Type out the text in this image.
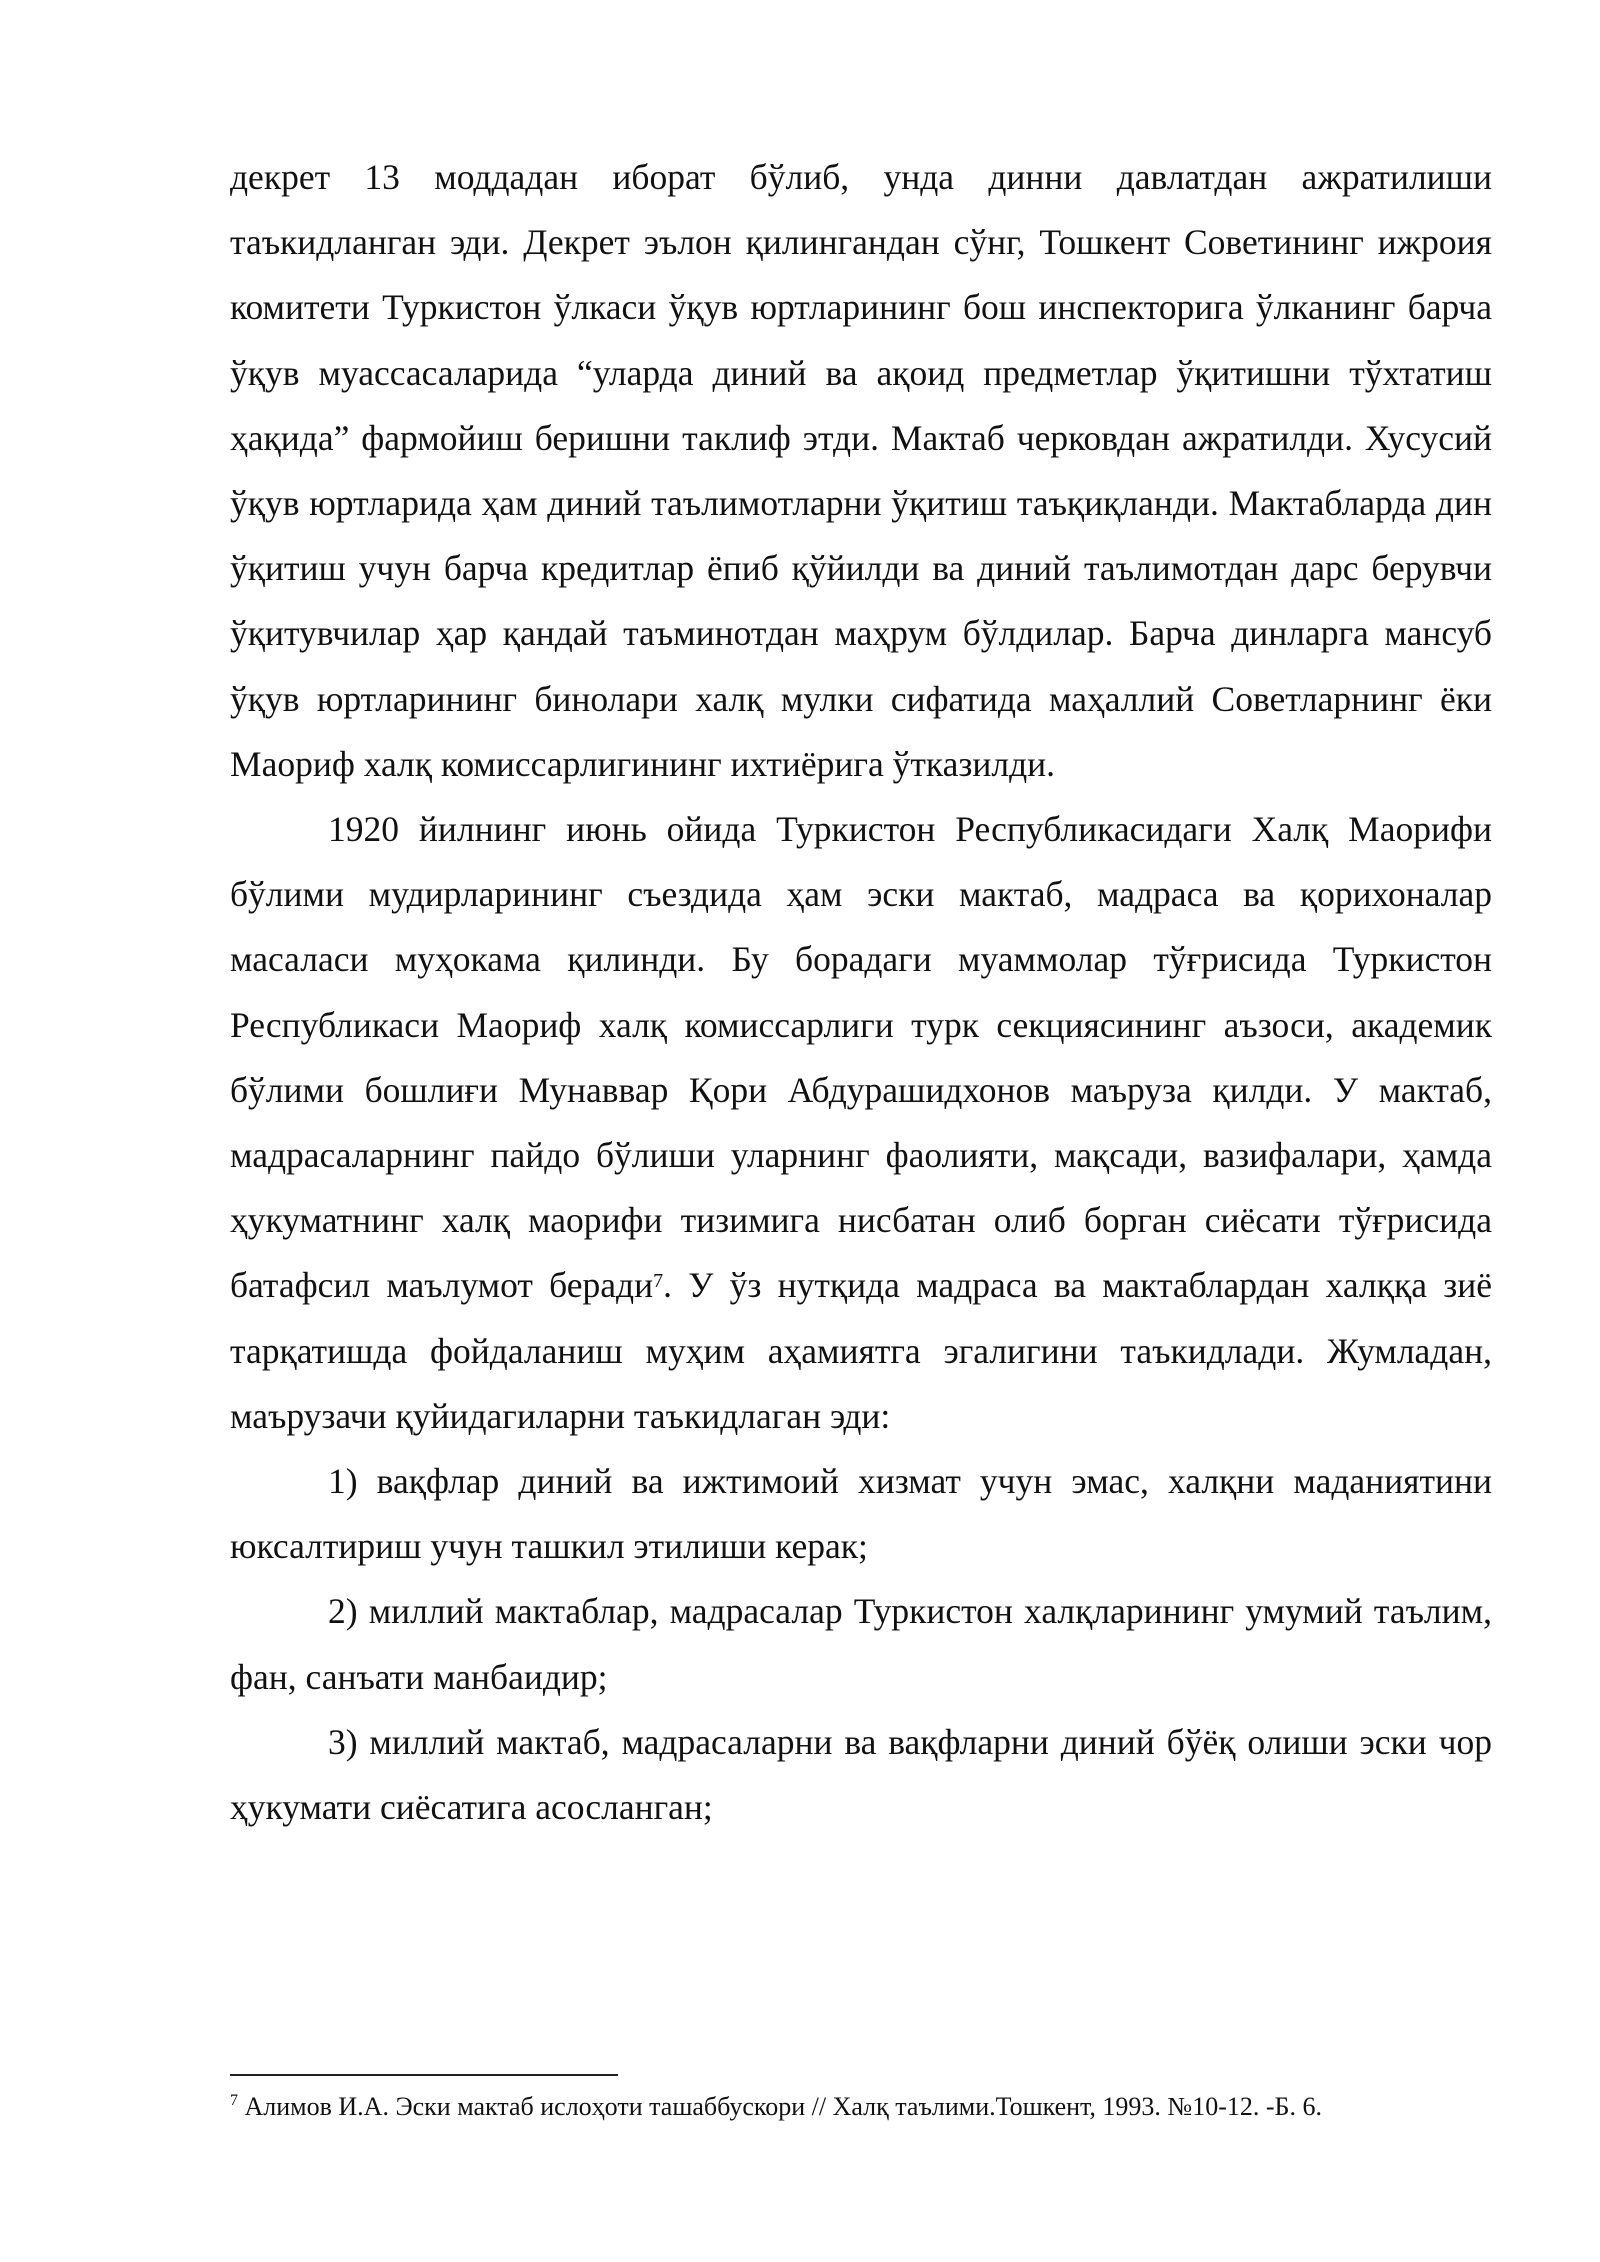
декрет 13 моддадан иборат бўлиб, унда динни давлатдан ажратилиши таъкидланган эди. Декрет эълон қилингандан сўнг, Тошкент Советининг ижроия комитети Туркистон ўлкаси ўқув юртларининг бош инспекторига ўлканинг барча ўқув муассасаларида “уларда диний ва ақоид предметлар ўқитишни тўхтатиш ҳақида” фармойиш беришни таклиф этди. Мактаб черковдан ажратилди. Хусусий ўқув юртларида ҳам диний таълимотларни ўқитиш таъқиқланди. Мактабларда дин ўқитиш учун барча кредитлар ёпиб қўйилди ва диний таълимотдан дарс берувчи ўқитувчилар ҳар қандай таъминотдан маҳрум бўлдилар. Барча динларга мансуб ўқув юртларининг бинолари халқ мулки сифатида маҳаллий Советларнинг ёки Маориф халқ комиссарлигининг ихтиёрига ўтказилди.

1920 йилнинг июнь ойида Туркистон Республикасидаги Халқ Маорифи бўлими мудирларининг съездида ҳам эски мактаб, мадраса ва қорихоналар масаласи муҳокама қилинди. Бу борадаги муаммолар тўғрисида Туркистон Республикаси Маориф халқ комиссарлиги турк секциясининг аъзоси, академик бўлими бошлиғи Мунаввар Қори Абдурашидхонов маъруза қилди. У мактаб, мадрасаларнинг пайдо бўлиши уларнинг фаолияти, мақсади, вазифалари, ҳамда ҳукуматнинг халқ маорифи тизимига нисбатан олиб борган сиёсати тўғрисида батафсил маълумот беради$^7$. У ўз нутқида мадраса ва мактаблардан халққа зиё тарқатишда фойдаланиш муҳим аҳамиятга эгалигини таъкидлади. Жумладан, маърузачи қуйидагиларни таъкидлаган эди:

1) вақфлар диний ва ижтимоий хизмат учун эмас, халқни маданиятини юксалтириш учун ташкил этилиши керак;

2) миллий мактаблар, мадрасалар Туркистон халқларининг умумий таълим, фан, санъати манбаидир;

3) миллий мактаб, мадрасаларни ва вақфларни диний бўёқ олиши эски чор ҳукумати сиёсатига асосланган;

$^7$ Алимов И.А. Эски мактаб ислоҳоти ташаббускори // Халқ таълими.Тошкент, 1993. №10-12. -Б. 6.
